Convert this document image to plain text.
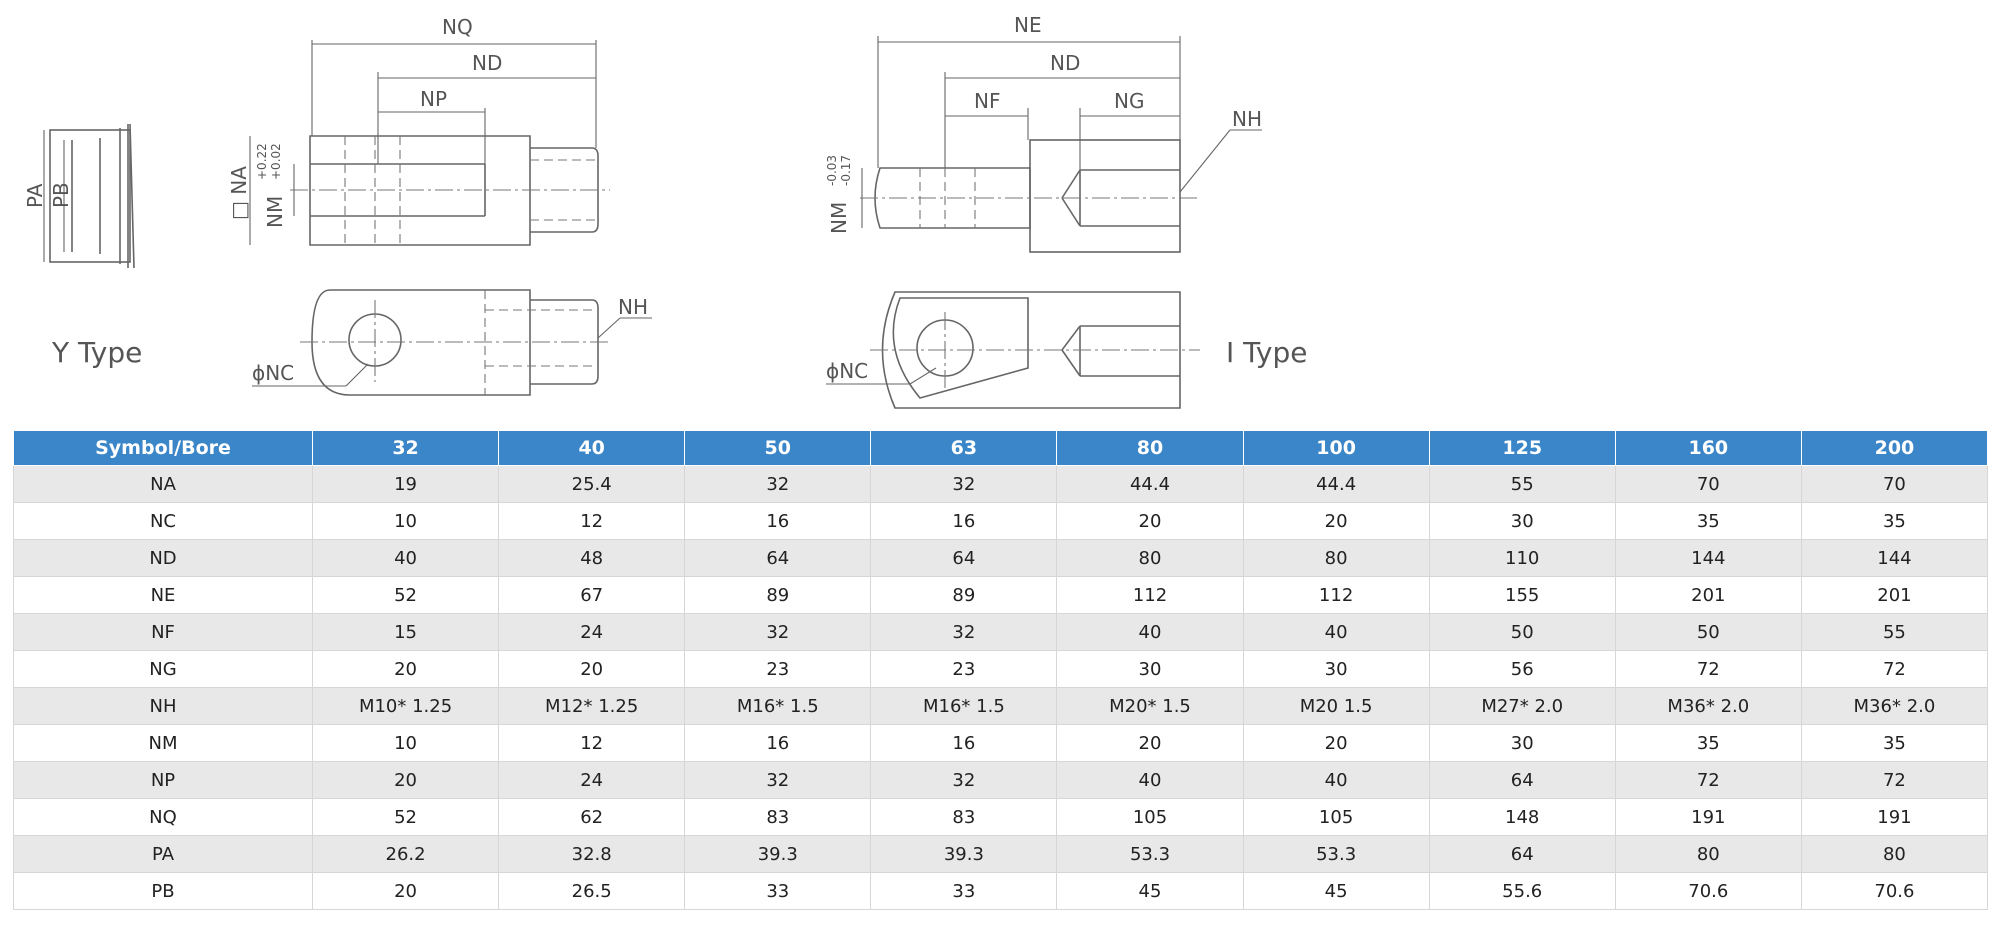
PA PB
NQ
ND
NP
□ NA NM
+0.22 +0.02
NH
ϕNC
Y Type
NE
ND
NF	NG
NH
NM
-0.03 -0.17
ϕNC
I Type
Symbol/Bore	32	40	50	63	80	100	125	160	200
NA	19	25.4	32	32	44.4	44.4	55	70	70
NC	10	12	16	16	20	20	30	35	35
ND	40	48	64	64	80	80	110	144	144
NE	52	67	89	89	112	112	155	201	201
NF	15	24	32	32	40	40	50	50	55
NG	20	20	23	23	30	30	56	72	72
NH	M10* 1.25	M12* 1.25	M16* 1.5	M16* 1.5	M20* 1.5	M20 1.5	M27* 2.0	M36* 2.0	M36* 2.0
NM	10	12	16	16	20	20	30	35	35
NP	20	24	32	32	40	40	64	72	72
NQ	52	62	83	83	105	105	148	191	191
PA	26.2	32.8	39.3	39.3	53.3	53.3	64	80	80
PB	20	26.5	33	33	45	45	55.6	70.6	70.6
